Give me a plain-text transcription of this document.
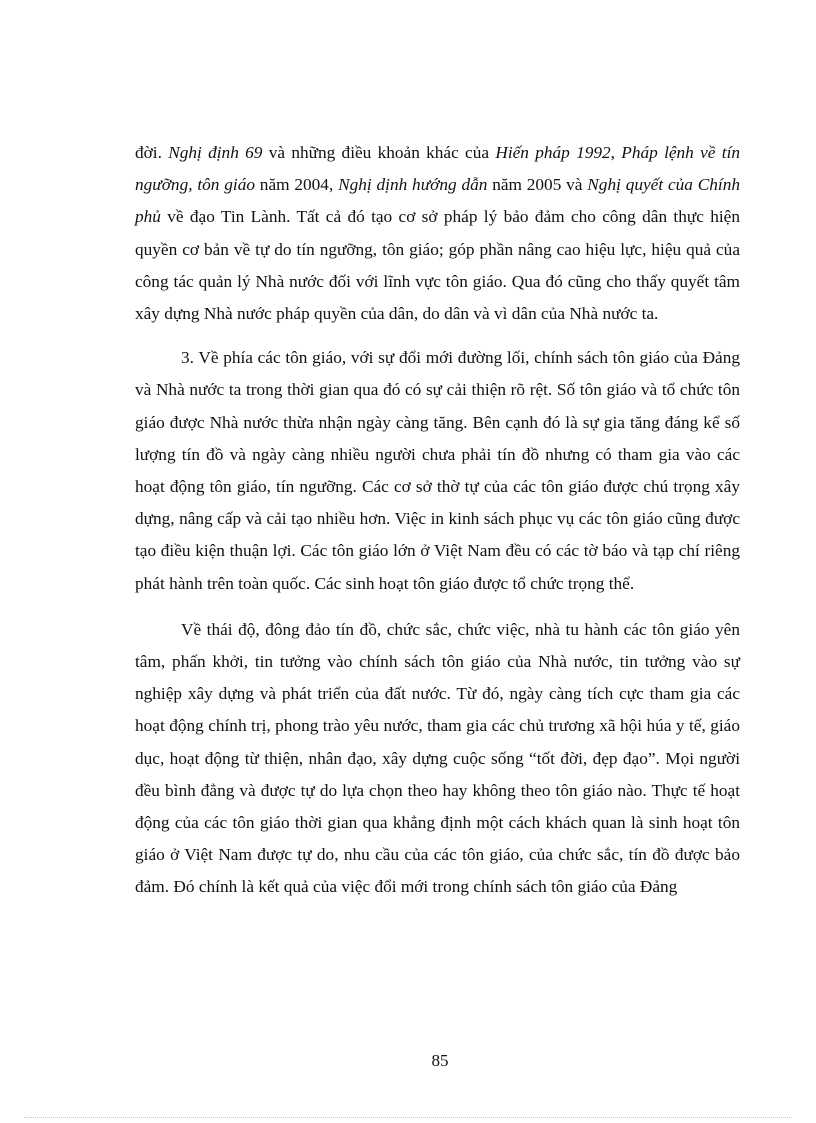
đời. Nghị định 69 và những điều khoản khác của Hiến pháp 1992, Pháp lệnh về tín ngưỡng, tôn giáo năm 2004, Nghị dịnh hướng dẫn năm 2005 và Nghị quyết của Chính phủ về đạo Tin Lành. Tất cả đó tạo cơ sở pháp lý bảo đảm cho công dân thực hiện quyền cơ bản về tự do tín ngưỡng, tôn giáo; góp phần nâng cao hiệu lực, hiệu quả của công tác quản lý Nhà nước đối với lĩnh vực tôn giáo. Qua đó cũng cho thấy quyết tâm xây dựng Nhà nước pháp quyền của dân, do dân và vì dân của Nhà nước ta.

3. Về phía các tôn giáo, với sự đổi mới đường lối, chính sách tôn giáo của Đảng và Nhà nước ta trong thời gian qua đó có sự cải thiện rõ rệt. Số tôn giáo và tổ chức tôn giáo được Nhà nước thừa nhận ngày càng tăng. Bên cạnh đó là sự gia tăng đáng kể số lượng tín đồ và ngày càng nhiều người chưa phải tín đồ nhưng có tham gia vào các hoạt động tôn giáo, tín ngưỡng. Các cơ sở thờ tự của các tôn giáo được chú trọng xây dựng, nâng cấp và cải tạo nhiều hơn. Việc in kinh sách phục vụ các tôn giáo cũng được tạo điều kiện thuận lợi. Các tôn giáo lớn ở Việt Nam đều có các tờ báo và tạp chí riêng phát hành trên toàn quốc. Các sinh hoạt tôn giáo được tổ chức trọng thể.

Về thái độ, đông đảo tín đồ, chức sắc, chức việc, nhà tu hành các tôn giáo yên tâm, phấn khởi, tin tưởng vào chính sách tôn giáo của Nhà nước, tin tưởng vào sự nghiệp xây dựng và phát triển của đất nước. Từ đó, ngày càng tích cực tham gia các hoạt động chính trị, phong trào yêu nước, tham gia các chủ trương xã hội húa y tế, giáo dục, hoạt động từ thiện, nhân đạo, xây dựng cuộc sống “tốt đời, đẹp đạo”. Mọi người đều bình đẳng và được tự do lựa chọn theo hay không theo tôn giáo nào. Thực tế hoạt động của các tôn giáo thời gian qua khẳng định một cách khách quan là sinh hoạt tôn giáo ở Việt Nam được tự do, nhu cầu của các tôn giáo, của chức sắc, tín đồ được bảo đảm. Đó chính là kết quả của việc đổi mới trong chính sách tôn giáo của Đảng

85
